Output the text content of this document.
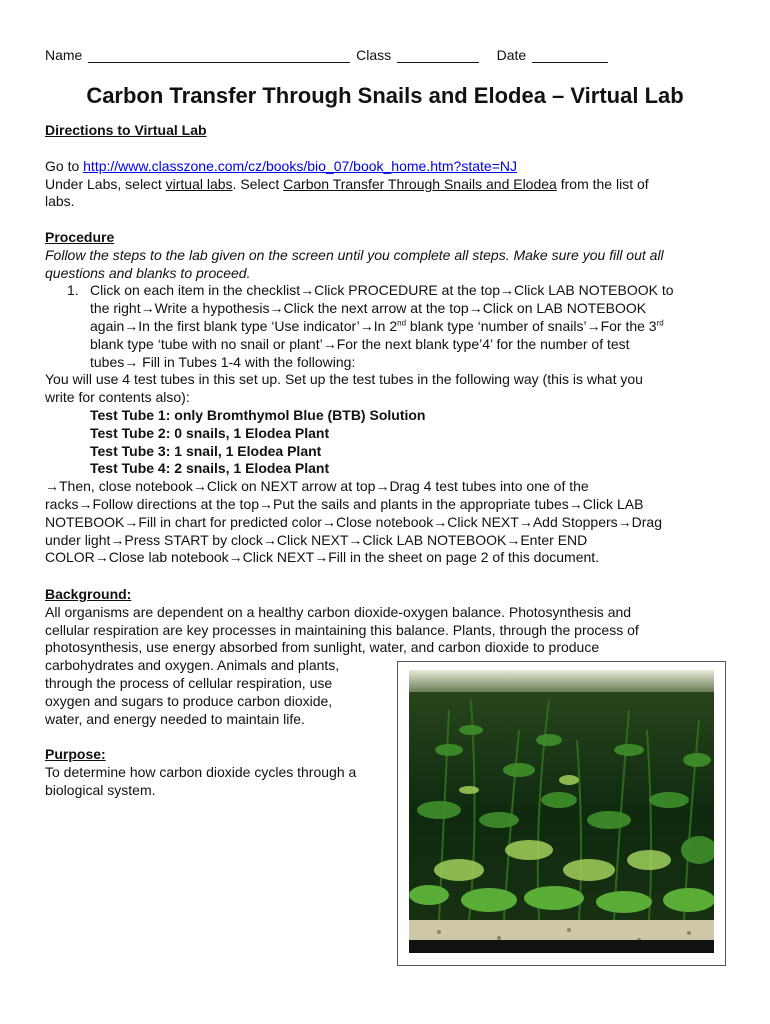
Name	Class	Date
Carbon Transfer Through Snails and Elodea – Virtual Lab
Directions to Virtual Lab
Go to http://www.classzone.com/cz/books/bio_07/book_home.htm?state=NJ
Under Labs, select virtual labs. Select Carbon Transfer Through Snails and Elodea from the list of
labs.
Procedure
Follow the steps to the lab given on the screen until you complete all steps. Make sure you fill out all
questions and blanks to proceed.
1. Click on each item in the checklist→Click PROCEDURE at the top→Click LAB NOTEBOOK to
the right→Write a hypothesis→Click the next arrow at the top→Click on LAB NOTEBOOK
again→In the first blank type ‘Use indicator’→In 2nd blank type ‘number of snails’→For the 3rd
blank type ‘tube with no snail or plant’→For the next blank type’4’ for the number of test
tubes→ Fill in Tubes 1-4 with the following:
You will use 4 test tubes in this set up. Set up the test tubes in the following way (this is what you
write for contents also):
Test Tube 1: only Bromthymol Blue (BTB) Solution
Test Tube 2: 0 snails, 1 Elodea Plant
Test Tube 3: 1 snail, 1 Elodea Plant
Test Tube 4: 2 snails, 1 Elodea Plant
→Then, close notebook→Click on NEXT arrow at top→Drag 4 test tubes into one of the
racks→Follow directions at the top→Put the sails and plants in the appropriate tubes→Click LAB
NOTEBOOK→Fill in chart for predicted color→Close notebook→Click NEXT→Add Stoppers→Drag
under light→Press START by clock→Click NEXT→Click LAB NOTEBOOK→Enter END
COLOR→Close lab notebook→Click NEXT→Fill in the sheet on page 2 of this document.
Background:
All organisms are dependent on a healthy carbon dioxide-oxygen balance. Photosynthesis and
cellular respiration are key processes in maintaining this balance. Plants, through the process of
photosynthesis, use energy absorbed from sunlight, water, and carbon dioxide to produce
carbohydrates and oxygen. Animals and plants,
through the process of cellular respiration, use
oxygen and sugars to produce carbon dioxide,
water, and energy needed to maintain life.
Purpose:
To determine how carbon dioxide cycles through a
biological system.
